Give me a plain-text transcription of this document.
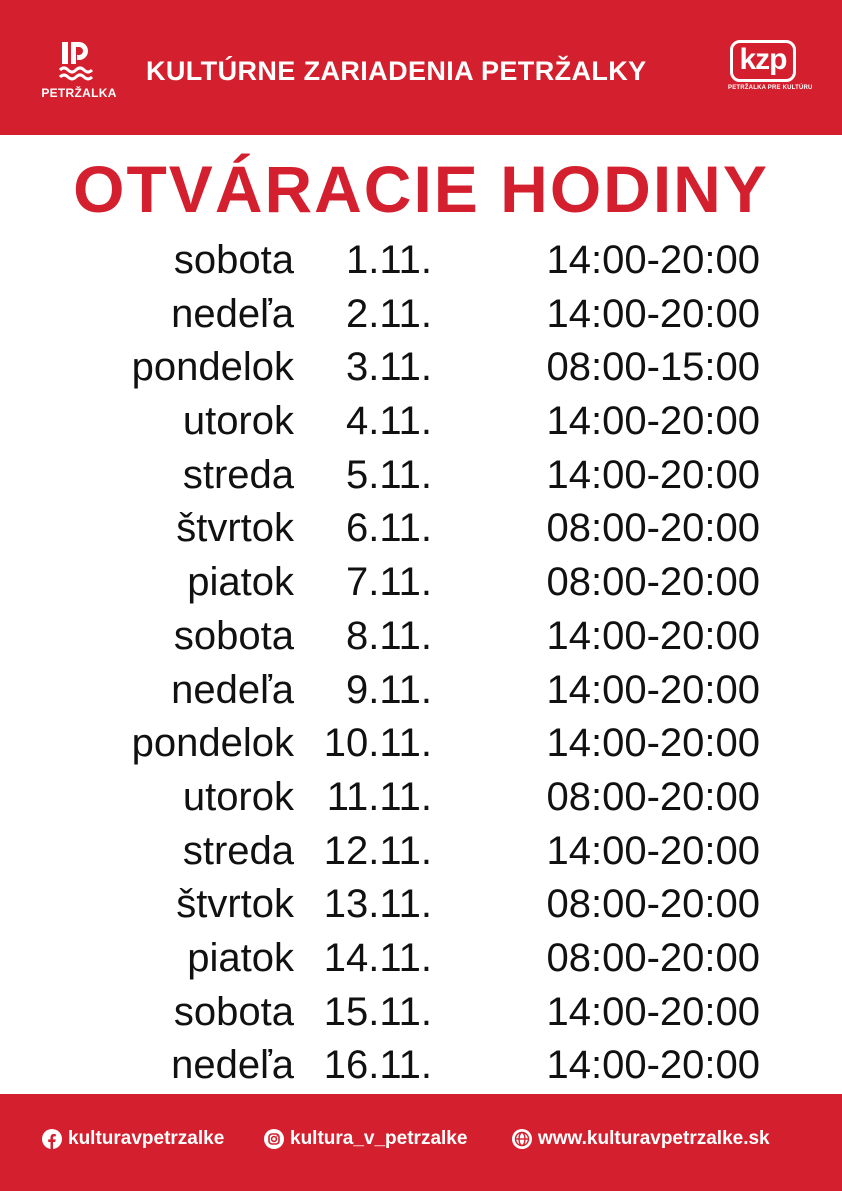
PETRŽALKA
KULTÚRNE ZARIADENIA PETRŽALKY	kzp
PETRŽALKA PRE KULTÚRU
OTVÁRACIE HODINY
sobota 1.11.	14:00-20:00
nedeľa 2.11.	14:00-20:00
pondelok 3.11.	08:00-15:00
utorok 4.11.	14:00-20:00
streda 5.11.	14:00-20:00
štvrtok 6.11.	08:00-20:00
piatok 7.11.	08:00-20:00
sobota 8.11.	14:00-20:00
nedeľa 9.11.	14:00-20:00
pondelok 10.11.	14:00-20:00
utorok 11.11.	08:00-20:00
streda 12.11.	14:00-20:00
štvrtok 13.11.	08:00-20:00
piatok 14.11.	08:00-20:00
sobota 15.11.	14:00-20:00
nedeľa 16.11.	14:00-20:00
kulturavpetrzalke	kultura_v_petrzalke	www.kulturavpetrzalke.sk
